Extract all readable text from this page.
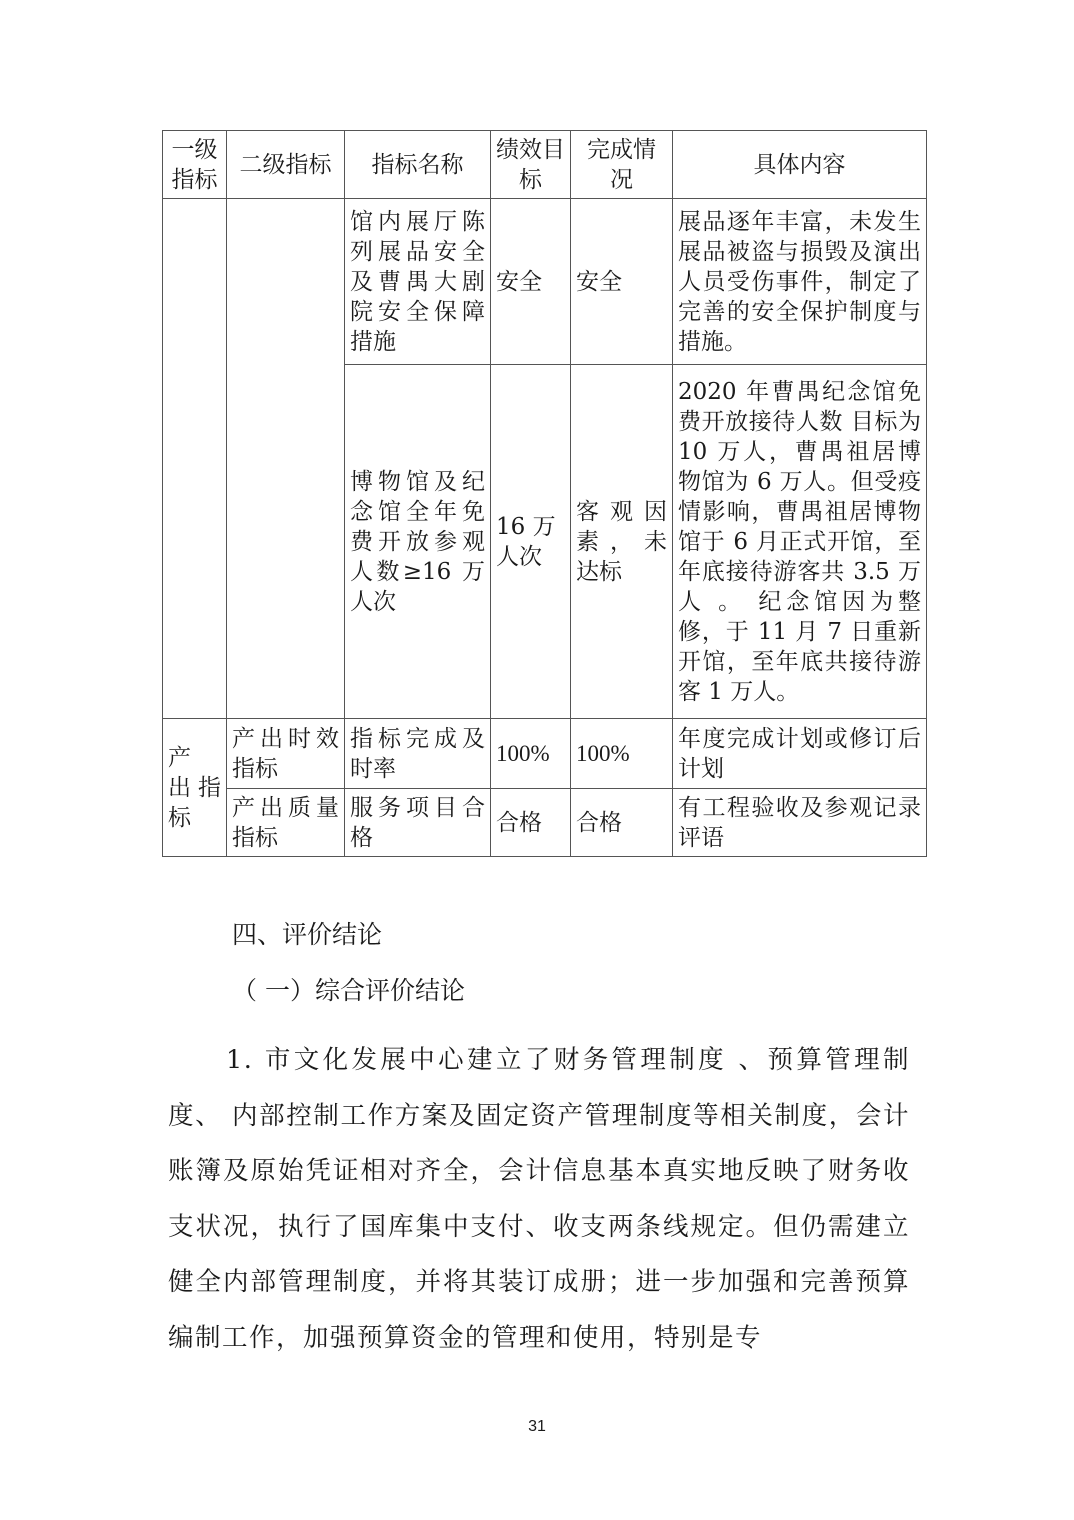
一级指标	二级指标	指标名称	绩效目标	完成情况	具体内容
		馆内展厅陈列展品安全及曹禺大剧院安全保障措施	安全	安全	展品逐年丰富，未发生展品被盗与损毁及演出人员受伤事件，制定了完善的安全保护制度与措施。
		博物馆及纪念馆全年免费开放参观人数≥16 万人次	16 万人次	客观因素，未达标	2020 年曹禺纪念馆免费开放接待人数 目标为 10 万人，曹禺祖居博物馆为 6 万人。但受疫情影响，曹禺祖居博物馆于 6 月正式开馆，至年底接待游客共 3.5 万人 。 纪念馆因为整修，于 11 月 7 日重新开馆，至年底共接待游客 1 万人。
产 出指标	产出时效指标	指标完成及时率	100%	100%	年度完成计划或修订后计划
	产出质量指标	服务项目合格	合格	合格	有工程验收及参观记录评语
四、评价结论
（ 一）综合评价结论
1. 市文化发展中心建立了财务管理制度 、预算管理制度、 内部控制工作方案及固定资产管理制度等相关制度，会计账簿及原始凭证相对齐全，会计信息基本真实地反映了财务收支状况，执行了国库集中支付、收支两条线规定。但仍需建立健全内部管理制度，并将其装订成册；进一步加强和完善预算编制工作，加强预算资金的管理和使用，特别是专
31
